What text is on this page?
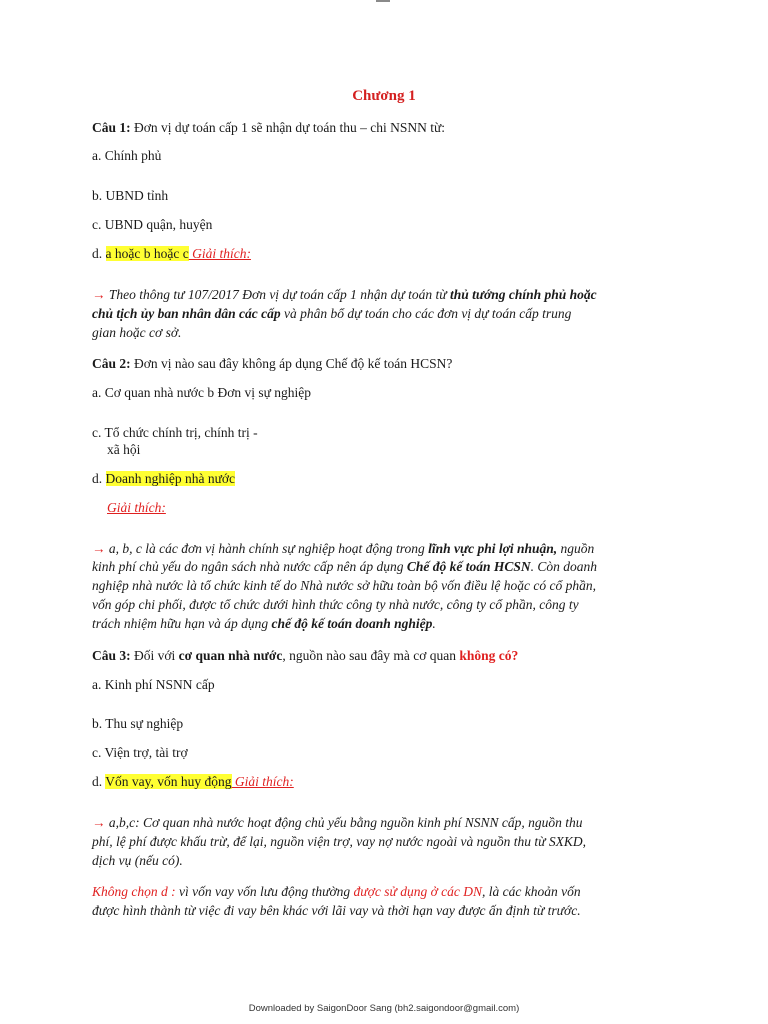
Chương 1
Câu 1: Đơn vị dự toán cấp 1 sẽ nhận dự toán thu – chi NSNN từ:
a. Chính phủ
b. UBND tỉnh
c. UBND quận, huyện
d. a hoặc b hoặc c Giải thích:
→ Theo thông tư 107/2017 Đơn vị dự toán cấp 1 nhận dự toán từ thủ tướng chính phủ hoặc
chủ tịch ủy ban nhân dân các cấp và phân bổ dự toán cho các đơn vị dự toán cấp trung
gian hoặc cơ sở.
Câu 2: Đơn vị nào sau đây không áp dụng Chế độ kế toán HCSN?
a. Cơ quan nhà nước b Đơn vị sự nghiệp
c. Tổ chức chính trị, chính trị -
xã hội
d. Doanh nghiệp nhà nước
Giải thích:
→ a, b, c là các đơn vị hành chính sự nghiệp hoạt động trong lĩnh vực phi lợi nhuận, nguồn
kinh phí chủ yếu do ngân sách nhà nước cấp nên áp dụng Chế độ kế toán HCSN. Còn doanh
nghiệp nhà nước là tổ chức kinh tế do Nhà nước sở hữu toàn bộ vốn điều lệ hoặc có cổ phần,
vốn góp chi phối, được tổ chức dưới hình thức công ty nhà nước, công ty cổ phần, công ty
trách nhiệm hữu hạn và áp dụng chế độ kế toán doanh nghiệp.
Câu 3: Đối với cơ quan nhà nước, nguồn nào sau đây mà cơ quan không có?
a. Kinh phí NSNN cấp
b. Thu sự nghiệp
c. Viện trợ, tài trợ
d. Vốn vay, vốn huy động Giải thích:
→ a,b,c: Cơ quan nhà nước hoạt động chủ yếu bằng nguồn kinh phí NSNN cấp, nguồn thu
phí, lệ phí được khấu trừ, để lại, nguồn viện trợ, vay nợ nước ngoài và nguồn thu từ SXKD,
dịch vụ (nếu có).
Không chọn d : vì vốn vay vốn lưu động thường được sử dụng ở các DN, là các khoản vốn
được hình thành từ việc đi vay bên khác với lãi vay và thời hạn vay được ấn định từ trước.
Downloaded by SaigonDoor Sang (bh2.saigondoor@gmail.com)
